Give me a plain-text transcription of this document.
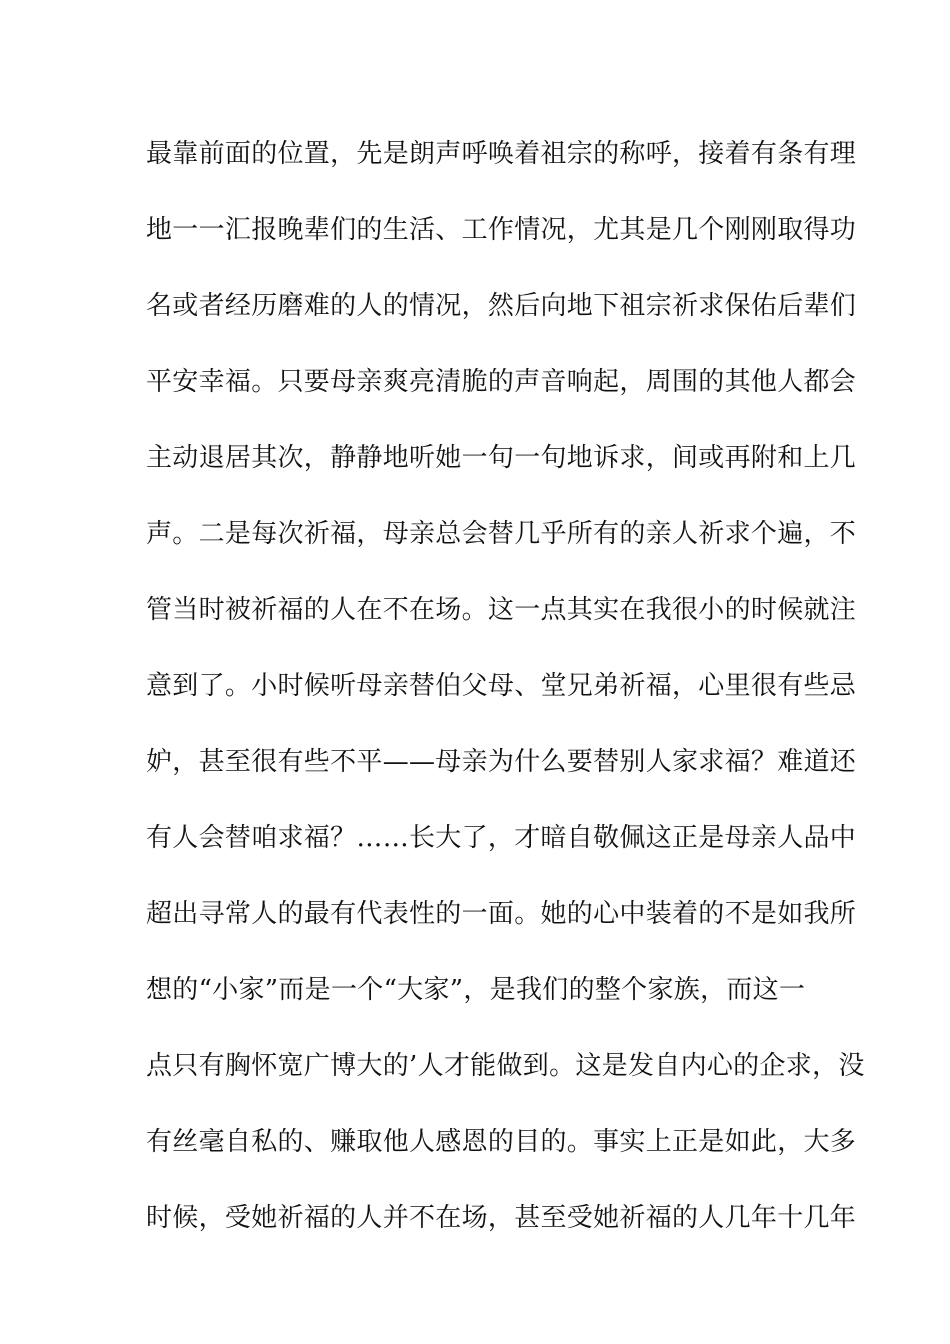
最靠前面的位置，先是朗声呼唤着祖宗的称呼，接着有条有理
地一一汇报晚辈们的生活、工作情况，尤其是几个刚刚取得功
名或者经历磨难的人的情况，然后向地下祖宗祈求保佑后辈们
平安幸福。只要母亲爽亮清脆的声音响起，周围的其他人都会
主动退居其次，静静地听她一句一句地诉求，间或再附和上几
声。二是每次祈福，母亲总会替几乎所有的亲人祈求个遍，不
管当时被祈福的人在不在场。这一点其实在我很小的时候就注
意到了。小时候听母亲替伯父母、堂兄弟祈福，心里很有些忌
妒，甚至很有些不平——母亲为什么要替别人家求福？难道还
有人会替咱求福？……长大了，才暗自敬佩这正是母亲人品中
超出寻常人的最有代表性的一面。她的心中装着的不是如我所
想的“小家”而是一个“大家”，是我们的整个家族，而这一
点只有胸怀宽广博大的’人才能做到。这是发自内心的企求，没
有丝毫自私的、赚取他人感恩的目的。事实上正是如此，大多
时候，受她祈福的人并不在场，甚至受她祈福的人几年十几年
